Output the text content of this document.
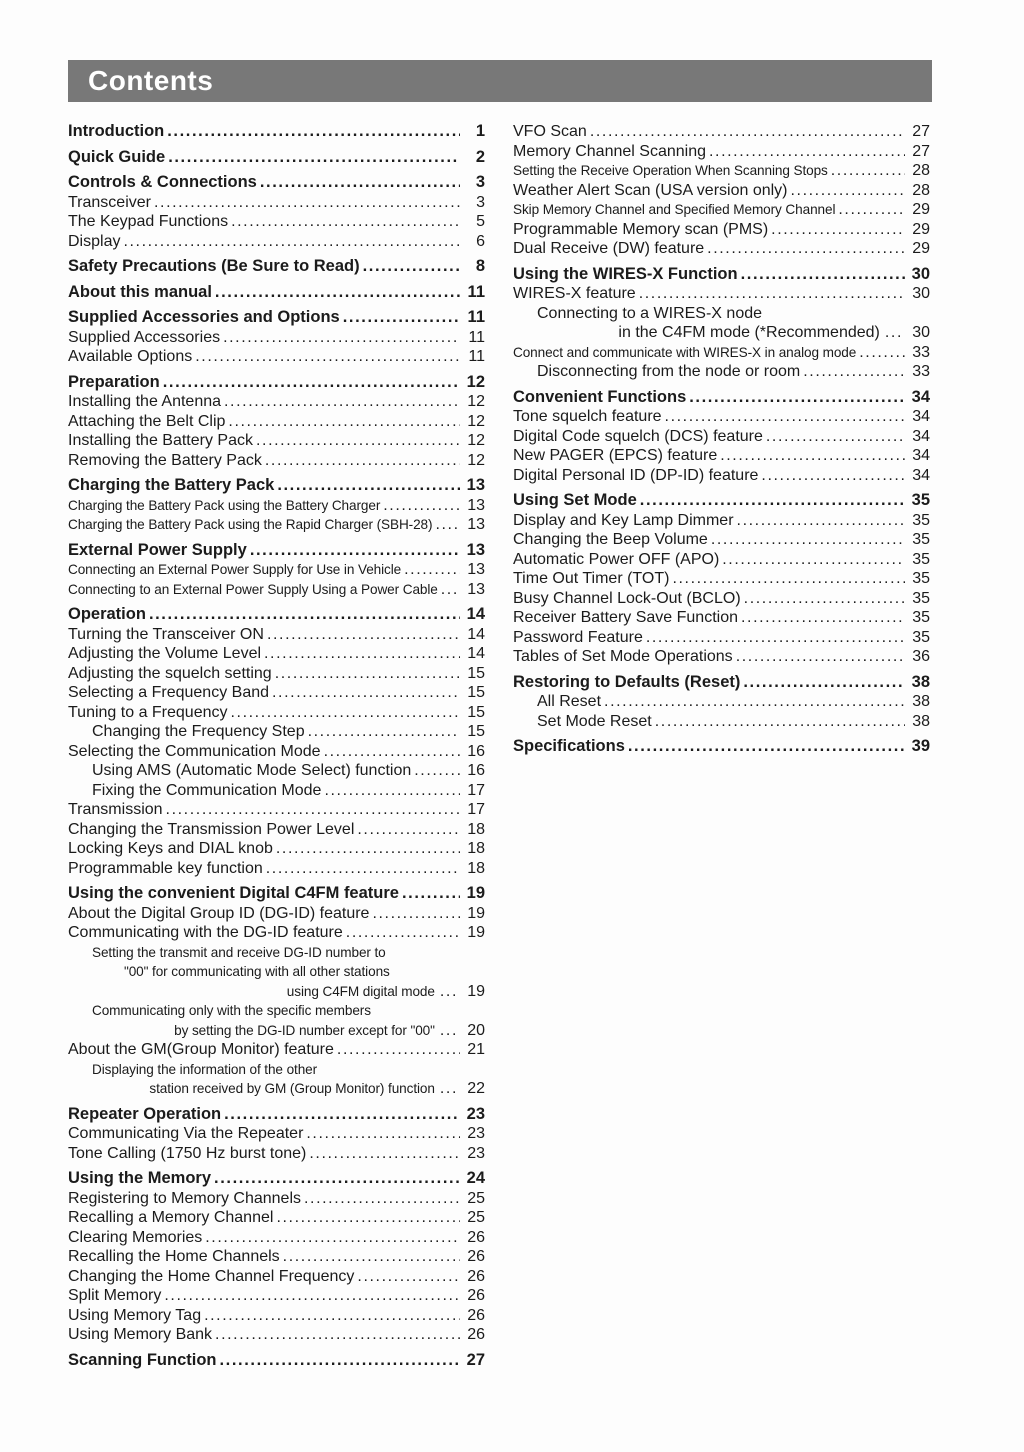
Contents
Introduction .....	1
Quick Guide .....	2
Controls & Connections .....	3
Transceiver .....	3
The Keypad Functions .....	5
Display .....	6
Safety Precautions (Be Sure to Read) .....	8
About this manual .....	11
Supplied Accessories and Options .....	11
Supplied Accessories .....	11
Available Options .....	11
Preparation .....	12
Installing the Antenna .....	12
Attaching the Belt Clip .....	12
Installing the Battery Pack .....	12
Removing the Battery Pack .....	12
Charging the Battery Pack .....	13
Charging the Battery Pack using the Battery Charger .....	13
Charging the Battery Pack using the Rapid Charger (SBH-28) ..... 13
External Power Supply .....	13
Connecting an External Power Supply for Use in Vehicle .....	13
Connecting to an External Power Supply Using a Power Cable ..... 13
Operation .....	14
Turning the Transceiver ON .....	14
Adjusting the Volume Level .....	14
Adjusting the squelch setting .....	15
Selecting a Frequency Band .....	15
Tuning to a Frequency .....	15
Changing the Frequency Step .....	15
Selecting the Communication Mode .....	16
Using AMS (Automatic Mode Select) function .....	16
Fixing the Communication Mode .....	17
Transmission .....	17
Changing the Transmission Power Level .....	18
Locking Keys and DIAL knob .....	18
Programmable key function .....	18
Using the convenient Digital C4FM feature .....	19
About the Digital Group ID (DG-ID) feature .....	19
Communicating with the DG-ID feature .....	19
Setting the transmit and receive DG-ID number to
"00" for communicating with all other stations
using C4FM digital mode ... 19
Communicating only with the specific members
by setting the DG-ID number except for "00" ... 20
About the GM(Group Monitor) feature .....	21
Displaying the information of the other
station received by GM (Group Monitor) function ... 22
Repeater Operation .....	23
Communicating Via the Repeater .....	23
Tone Calling (1750 Hz burst tone) .....	23
Using the Memory .....	24
Registering to Memory Channels .....	25
Recalling a Memory Channel .....	25
Clearing Memories .....	26
Recalling the Home Channels .....	26
Changing the Home Channel Frequency .....	26
Split Memory .....	26
Using Memory Tag .....	26
Using Memory Bank .....	26
Scanning Function .....	27
VFO Scan .....	27
Memory Channel Scanning .....	27
Setting the Receive Operation When Scanning Stops .....	28
Weather Alert Scan (USA version only) .....	28
Skip Memory Channel and Specified Memory Channel .....	29
Programmable Memory scan (PMS) .....	29
Dual Receive (DW) feature .....	29
Using the WIRES-X Function .....	30
WIRES-X feature .....	30
Connecting to a WIRES-X node
in the C4FM mode (*Recommended) ... 30
Connect and communicate with WIRES-X in analog mode .....	33
Disconnecting from the node or room .....	33
Convenient Functions .....	34
Tone squelch feature .....	34
Digital Code squelch (DCS) feature .....	34
New PAGER (EPCS) feature .....	34
Digital Personal ID (DP-ID) feature .....	34
Using Set Mode .....	35
Display and Key Lamp Dimmer .....	35
Changing the Beep Volume .....	35
Automatic Power OFF (APO) .....	35
Time Out Timer (TOT) .....	35
Busy Channel Lock-Out (BCLO) .....	35
Receiver Battery Save Function .....	35
Password Feature .....	35
Tables of Set Mode Operations .....	36
Restoring to Defaults (Reset) .....	38
All Reset .....	38
Set Mode Reset .....	38
Specifications .....	39
